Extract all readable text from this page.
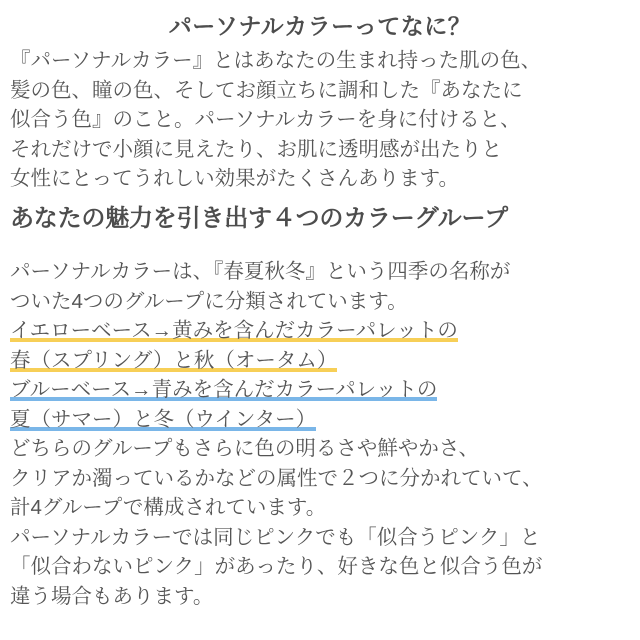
パーソナルカラーってなに？
『パーソナルカラー』とはあなたの生まれ持った肌の色、
髪の色、瞳の色、そしてお顔立ちに調和した『あなたに
似合う色』のこと。パーソナルカラーを身に付けると、
それだけで小顔に見えたり、お肌に透明感が出たりと
女性にとってうれしい効果がたくさんあります。
あなたの魅力を引き出す４つのカラーグループ
パーソナルカラーは、『春夏秋冬』という四季の名称が
ついた4つのグループに分類されています。
イエローベース→黄みを含んだカラーパレットの
春（スプリング）と秋（オータム）
ブルーベース→青みを含んだカラーパレットの
夏（サマー）と冬（ウインター）
どちらのグループもさらに色の明るさや鮮やかさ、
クリアか濁っているかなどの属性で２つに分かれていて、
計4グループで構成されています。
パーソナルカラーでは同じピンクでも「似合うピンク」と
「似合わないピンク」があったり、好きな色と似合う色が
違う場合もあります。
